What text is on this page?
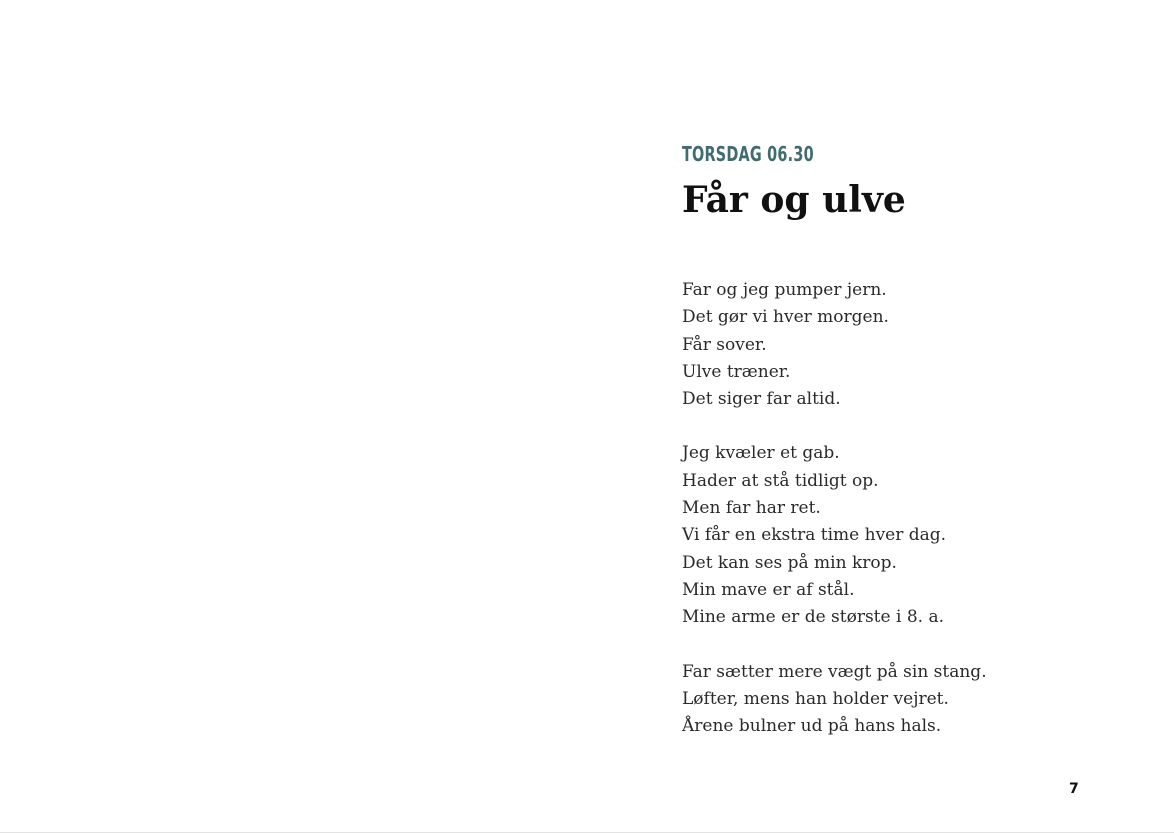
TORSDAG 06.30
Får og ulve
Far og jeg pumper jern.
Det gør vi hver morgen.
Får sover.
Ulve træner.
Det siger far altid.
Jeg kvæler et gab.
Hader at stå tidligt op.
Men far har ret.
Vi får en ekstra time hver dag.
Det kan ses på min krop.
Min mave er af stål.
Mine arme er de største i 8. a.
Far sætter mere vægt på sin stang.
Løfter, mens han holder vejret.
Årene bulner ud på hans hals.
7
